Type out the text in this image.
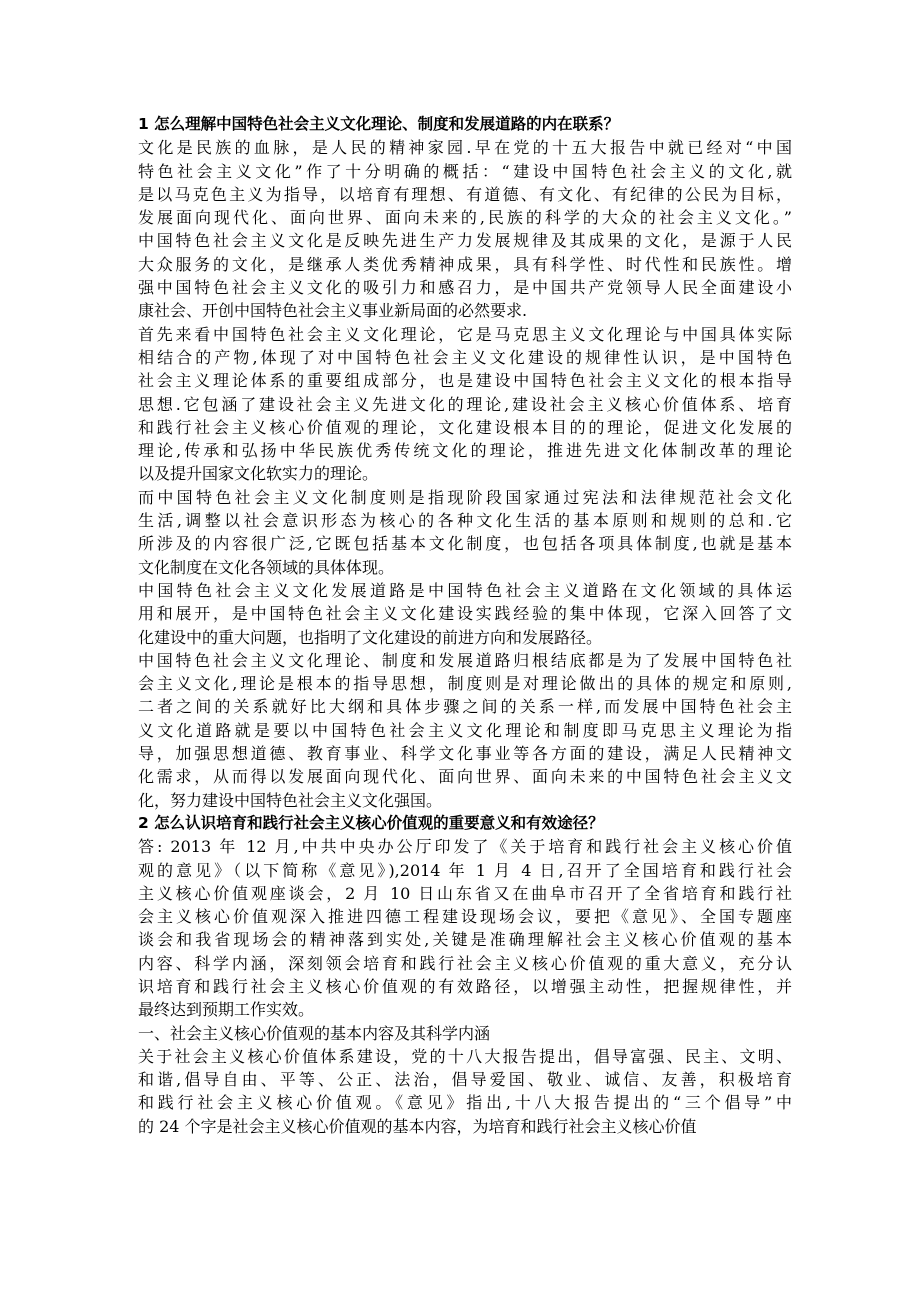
1 怎么理解中国特色社会主义文化理论、制度和发展道路的内在联系？
文化是民族的血脉，是人民的精神家园.早在党的十五大报告中就已经对“中国
特色社会主义文化”作了十分明确的概括：“建设中国特色社会主义的文化,就
是以马克色主义为指导，以培育有理想、有道德、有文化、有纪律的公民为目标，
发展面向现代化、面向世界、面向未来的,民族的科学的大众的社会主义文化。”
中国特色社会主义文化是反映先进生产力发展规律及其成果的文化，是源于人民
大众服务的文化，是继承人类优秀精神成果，具有科学性、时代性和民族性。增
强中国特色社会主义文化的吸引力和感召力，是中国共产党领导人民全面建设小
康社会、开创中国特色社会主义事业新局面的必然要求.
首先来看中国特色社会主义文化理论，它是马克思主义文化理论与中国具体实际
相结合的产物,体现了对中国特色社会主义文化建设的规律性认识，是中国特色
社会主义理论体系的重要组成部分，也是建设中国特色社会主义文化的根本指导
思想.它包涵了建设社会主义先进文化的理论,建设社会主义核心价值体系、培育
和践行社会主义核心价值观的理论，文化建设根本目的的理论，促进文化发展的
理论,传承和弘扬中华民族优秀传统文化的理论，推进先进文化体制改革的理论
以及提升国家文化软实力的理论。
而中国特色社会主义文化制度则是指现阶段国家通过宪法和法律规范社会文化
生活,调整以社会意识形态为核心的各种文化生活的基本原则和规则的总和.它
所涉及的内容很广泛,它既包括基本文化制度，也包括各项具体制度,也就是基本
文化制度在文化各领域的具体体现。
中国特色社会主义文化发展道路是中国特色社会主义道路在文化领域的具体运
用和展开，是中国特色社会主义文化建设实践经验的集中体现，它深入回答了文
化建设中的重大问题，也指明了文化建设的前进方向和发展路径。
中国特色社会主义文化理论、制度和发展道路归根结底都是为了发展中国特色社
会主义文化,理论是根本的指导思想，制度则是对理论做出的具体的规定和原则,
二者之间的关系就好比大纲和具体步骤之间的关系一样,而发展中国特色社会主
义文化道路就是要以中国特色社会主义文化理论和制度即马克思主义理论为指
导，加强思想道德、教育事业、科学文化事业等各方面的建设，满足人民精神文
化需求，从而得以发展面向现代化、面向世界、面向未来的中国特色社会主义文
化，努力建设中国特色社会主义文化强国。
2 怎么认识培育和践行社会主义核心价值观的重要意义和有效途径？
答: 2013 年 12 月,中共中央办公厅印发了《关于培育和践行社会主义核心价值
观的意见》（以下简称《意见》),2014 年 1 月 4 日,召开了全国培育和践行社会
主义核心价值观座谈会，2 月 10 日山东省又在曲阜市召开了全省培育和践行社
会主义核心价值观深入推进四德工程建设现场会议，要把《意见》、全国专题座
谈会和我省现场会的精神落到实处,关键是准确理解社会主义核心价值观的基本
内容、科学内涵，深刻领会培育和践行社会主义核心价值观的重大意义，充分认
识培育和践行社会主义核心价值观的有效路径，以增强主动性，把握规律性，并
最终达到预期工作实效。
一、社会主义核心价值观的基本内容及其科学内涵
关于社会主义核心价值体系建设，党的十八大报告提出，倡导富强、民主、文明、
和谐,倡导自由、平等、公正、法治，倡导爱国、敬业、诚信、友善，积极培育
和践行社会主义核心价值观。《意见》指出,十八大报告提出的“三个倡导”中
的 24 个字是社会主义核心价值观的基本内容，为培育和践行社会主义核心价值
